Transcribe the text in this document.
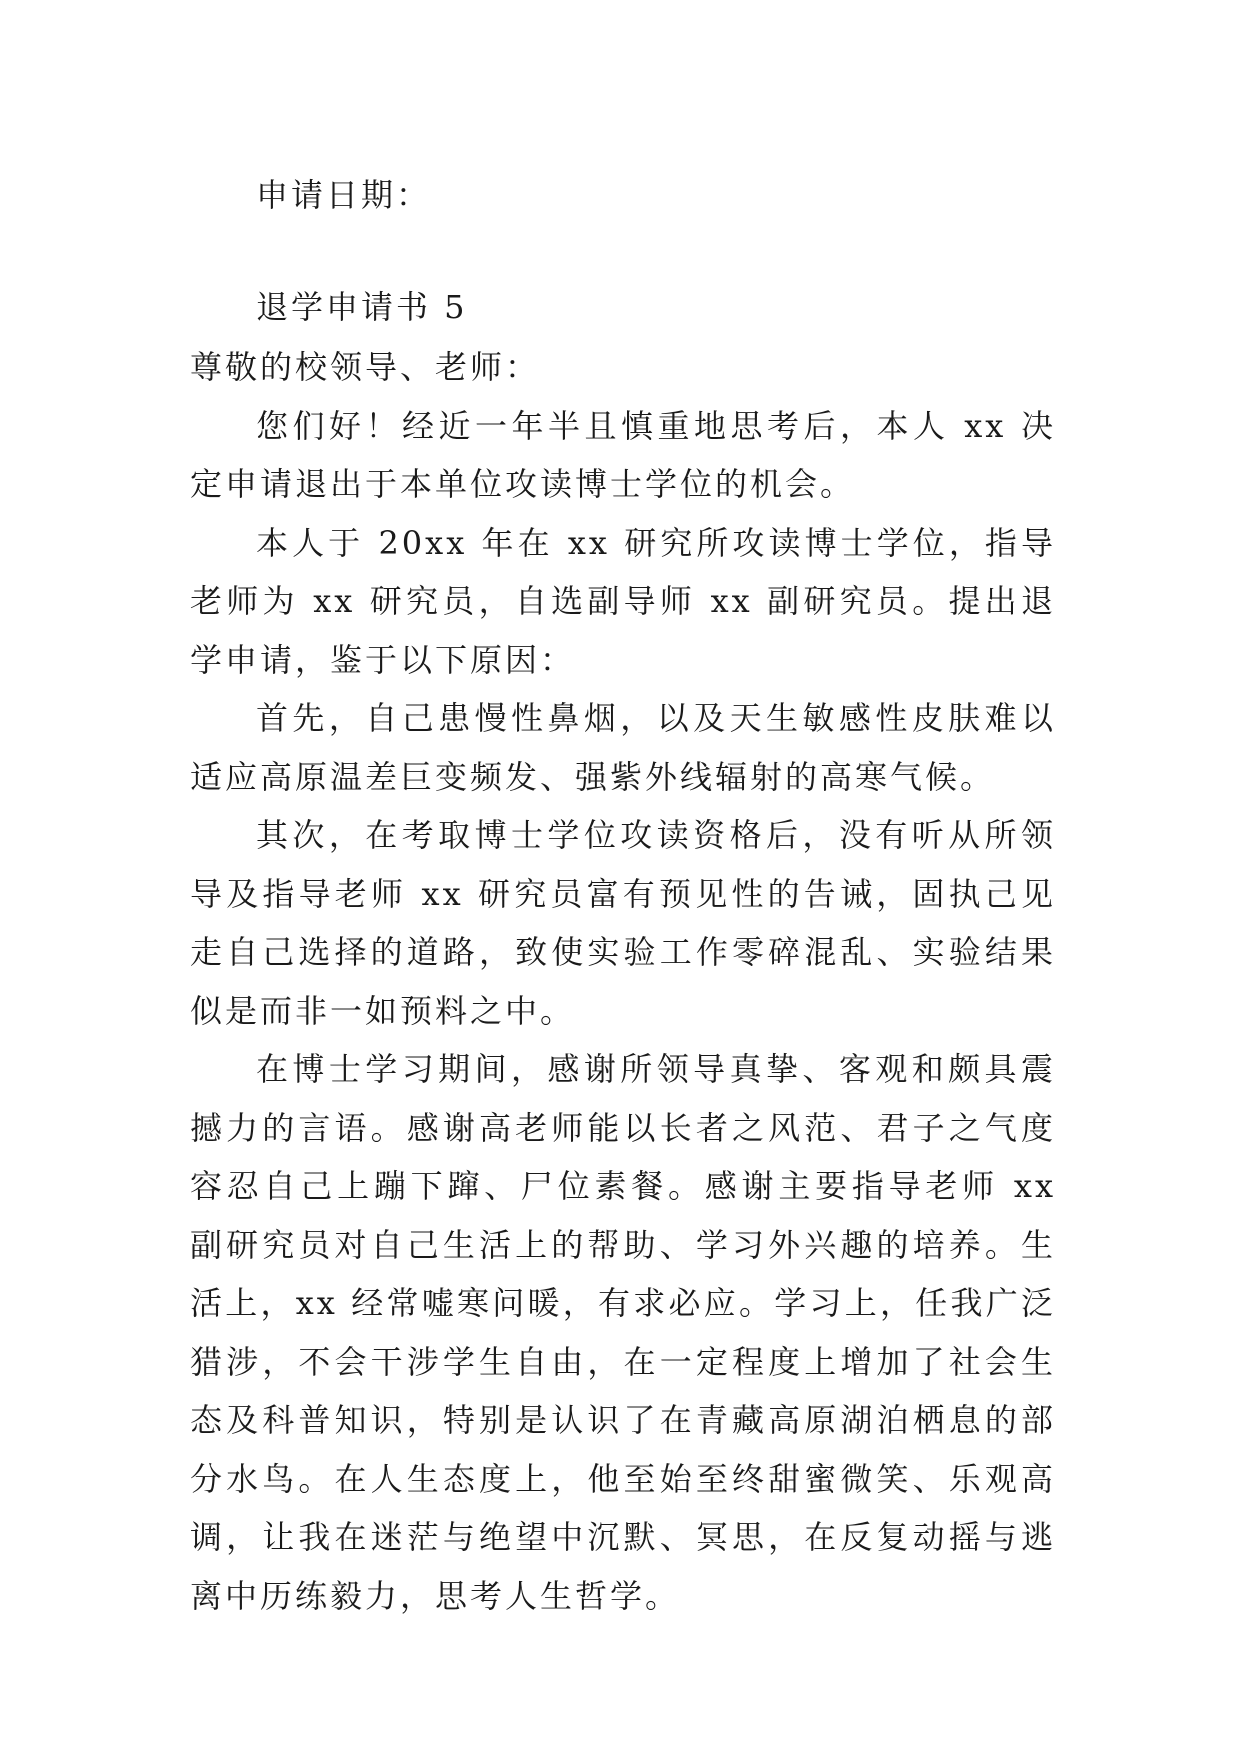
申请日期：
退学申请书 5

尊敬的校领导、老师：

您们好！经近一年半且慎重地思考后，本人 xx 决定申请退出于本单位攻读博士学位的机会。

本人于 20xx 年在 xx 研究所攻读博士学位，指导老师为 xx 研究员，自选副导师 xx 副研究员。提出退学申请，鉴于以下原因：

首先，自己患慢性鼻烟，以及天生敏感性皮肤难以适应高原温差巨变频发、强紫外线辐射的高寒气候。

其次，在考取博士学位攻读资格后，没有听从所领导及指导老师 xx 研究员富有预见性的告诫，固执己见走自己选择的道路，致使实验工作零碎混乱、实验结果似是而非一如预料之中。

在博士学习期间，感谢所领导真挚、客观和颇具震撼力的言语。感谢高老师能以长者之风范、君子之气度容忍自己上蹦下蹿、尸位素餐。感谢主要指导老师 xx 副研究员对自己生活上的帮助、学习外兴趣的培养。生活上，xx 经常嘘寒问暖，有求必应。学习上，任我广泛猎涉，不会干涉学生自由，在一定程度上增加了社会生态及科普知识，特别是认识了在青藏高原湖泊栖息的部分水鸟。在人生态度上，他至始至终甜蜜微笑、乐观高调，让我在迷茫与绝望中沉默、冥思，在反复动摇与逃离中历练毅力，思考人生哲学。
